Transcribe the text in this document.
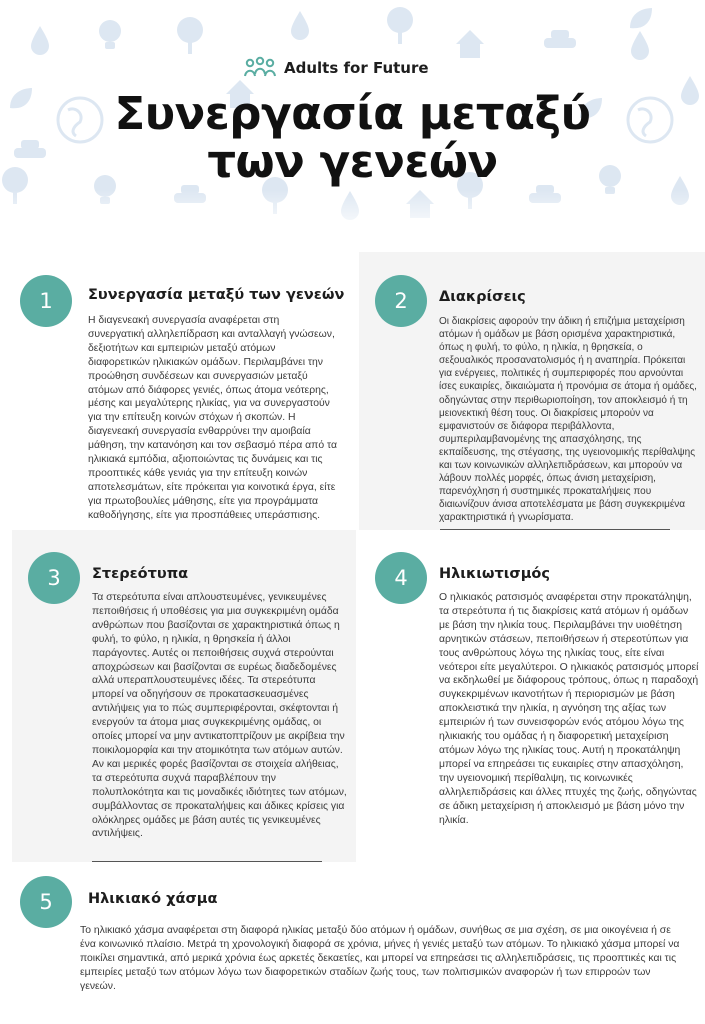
Adults for Future
Συνεργασία μεταξύ
των γενεών
1	Συνεργασία μεταξύ των γενεών

Η διαγενεακή συνεργασία αναφέρεται στη συνεργατική αλληλεπίδραση και ανταλλαγή γνώσεων, δεξιοτήτων και εμπειριών μεταξύ ατόμων διαφορετικών ηλικιακών ομάδων. Περιλαμβάνει την προώθηση συνδέσεων και συνεργασιών μεταξύ ατόμων από διάφορες γενιές, όπως άτομα νεότερης, μέσης και μεγαλύτερης ηλικίας, για να συνεργαστούν για την επίτευξη κοινών στόχων ή σκοπών. Η διαγενεακή συνεργασία ενθαρρύνει την αμοιβαία μάθηση, την κατανόηση και τον σεβασμό πέρα από τα ηλικιακά εμπόδια, αξιοποιώντας τις δυνάμεις και τις προοπτικές κάθε γενιάς για την επίτευξη κοινών αποτελεσμάτων, είτε πρόκειται για κοινοτικά έργα, είτε για πρωτοβουλίες μάθησης, είτε για προγράμματα καθοδήγησης, είτε για προσπάθειες υπεράσπισης.

2	Διακρίσεις

Οι διακρίσεις αφορούν την άδικη ή επιζήμια μεταχείριση ατόμων ή ομάδων με βάση ορισμένα χαρακτηριστικά, όπως η φυλή, το φύλο, η ηλικία, η θρησκεία, ο σεξουαλικός προσανατολισμός ή η αναπηρία. Πρόκειται για ενέργειες, πολιτικές ή συμπεριφορές που αρνούνται ίσες ευκαιρίες, δικαιώματα ή προνόμια σε άτομα ή ομάδες, οδηγώντας στην περιθωριοποίηση, τον αποκλεισμό ή τη μειονεκτική θέση τους. Οι διακρίσεις μπορούν να εμφανιστούν σε διάφορα περιβάλλοντα, συμπεριλαμβανομένης της απασχόλησης, της εκπαίδευσης, της στέγασης, της υγειονομικής περίθαλψης και των κοινωνικών αλληλεπιδράσεων, και μπορούν να λάβουν πολλές μορφές, όπως άνιση μεταχείριση, παρενόχληση ή συστημικές προκαταλήψεις που διαιωνίζουν άνισα αποτελέσματα με βάση συγκεκριμένα χαρακτηριστικά ή γνωρίσματα.

3	Στερεότυπα

Τα στερεότυπα είναι απλουστευμένες, γενικευμένες πεποιθήσεις ή υποθέσεις για μια συγκεκριμένη ομάδα ανθρώπων που βασίζονται σε χαρακτηριστικά όπως η φυλή, το φύλο, η ηλικία, η θρησκεία ή άλλοι παράγοντες. Αυτές οι πεποιθήσεις συχνά στερούνται αποχρώσεων και βασίζονται σε ευρέως διαδεδομένες αλλά υπεραπλουστευμένες ιδέες. Τα στερεότυπα μπορεί να οδηγήσουν σε προκατασκευασμένες αντιλήψεις για το πώς συμπεριφέρονται, σκέφτονται ή ενεργούν τα άτομα μιας συγκεκριμένης ομάδας, οι οποίες μπορεί να μην αντικατοπτρίζουν με ακρίβεια την ποικιλομορφία και την ατομικότητα των ατόμων αυτών. Αν και μερικές φορές βασίζονται σε στοιχεία αλήθειας, τα στερεότυπα συχνά παραβλέπουν την πολυπλοκότητα και τις μοναδικές ιδιότητες των ατόμων, συμβάλλοντας σε προκαταλήψεις και άδικες κρίσεις για ολόκληρες ομάδες με βάση αυτές τις γενικευμένες αντιλήψεις.

4	Ηλικιωτισμός

Ο ηλικιακός ρατσισμός αναφέρεται στην προκατάληψη, τα στερεότυπα ή τις διακρίσεις κατά ατόμων ή ομάδων με βάση την ηλικία τους. Περιλαμβάνει την υιοθέτηση αρνητικών στάσεων, πεποιθήσεων ή στερεοτύπων για τους ανθρώπους λόγω της ηλικίας τους, είτε είναι νεότεροι είτε μεγαλύτεροι. Ο ηλικιακός ρατσισμός μπορεί να εκδηλωθεί με διάφορους τρόπους, όπως η παραδοχή συγκεκριμένων ικανοτήτων ή περιορισμών με βάση αποκλειστικά την ηλικία, η αγνόηση της αξίας των εμπειριών ή των συνεισφορών ενός ατόμου λόγω της ηλικιακής του ομάδας ή η διαφορετική μεταχείριση ατόμων λόγω της ηλικίας τους. Αυτή η προκατάληψη μπορεί να επηρεάσει τις ευκαιρίες στην απασχόληση, την υγειονομική περίθαλψη, τις κοινωνικές αλληλεπιδράσεις και άλλες πτυχές της ζωής, οδηγώντας σε άδικη μεταχείριση ή αποκλεισμό με βάση μόνο την ηλικία.

5	Ηλικιακό χάσμα

Το ηλικιακό χάσμα αναφέρεται στη διαφορά ηλικίας μεταξύ δύο ατόμων ή ομάδων, συνήθως σε μια σχέση, σε μια οικογένεια ή σε ένα κοινωνικό πλαίσιο. Μετρά τη χρονολογική διαφορά σε χρόνια, μήνες ή γενιές μεταξύ των ατόμων. Το ηλικιακό χάσμα μπορεί να ποικίλει σημαντικά, από μερικά χρόνια έως αρκετές δεκαετίες, και μπορεί να επηρεάσει τις αλληλεπιδράσεις, τις προοπτικές και τις εμπειρίες μεταξύ των ατόμων λόγω των διαφορετικών σταδίων ζωής τους, των πολιτισμικών αναφορών ή των επιρροών των γενεών.
